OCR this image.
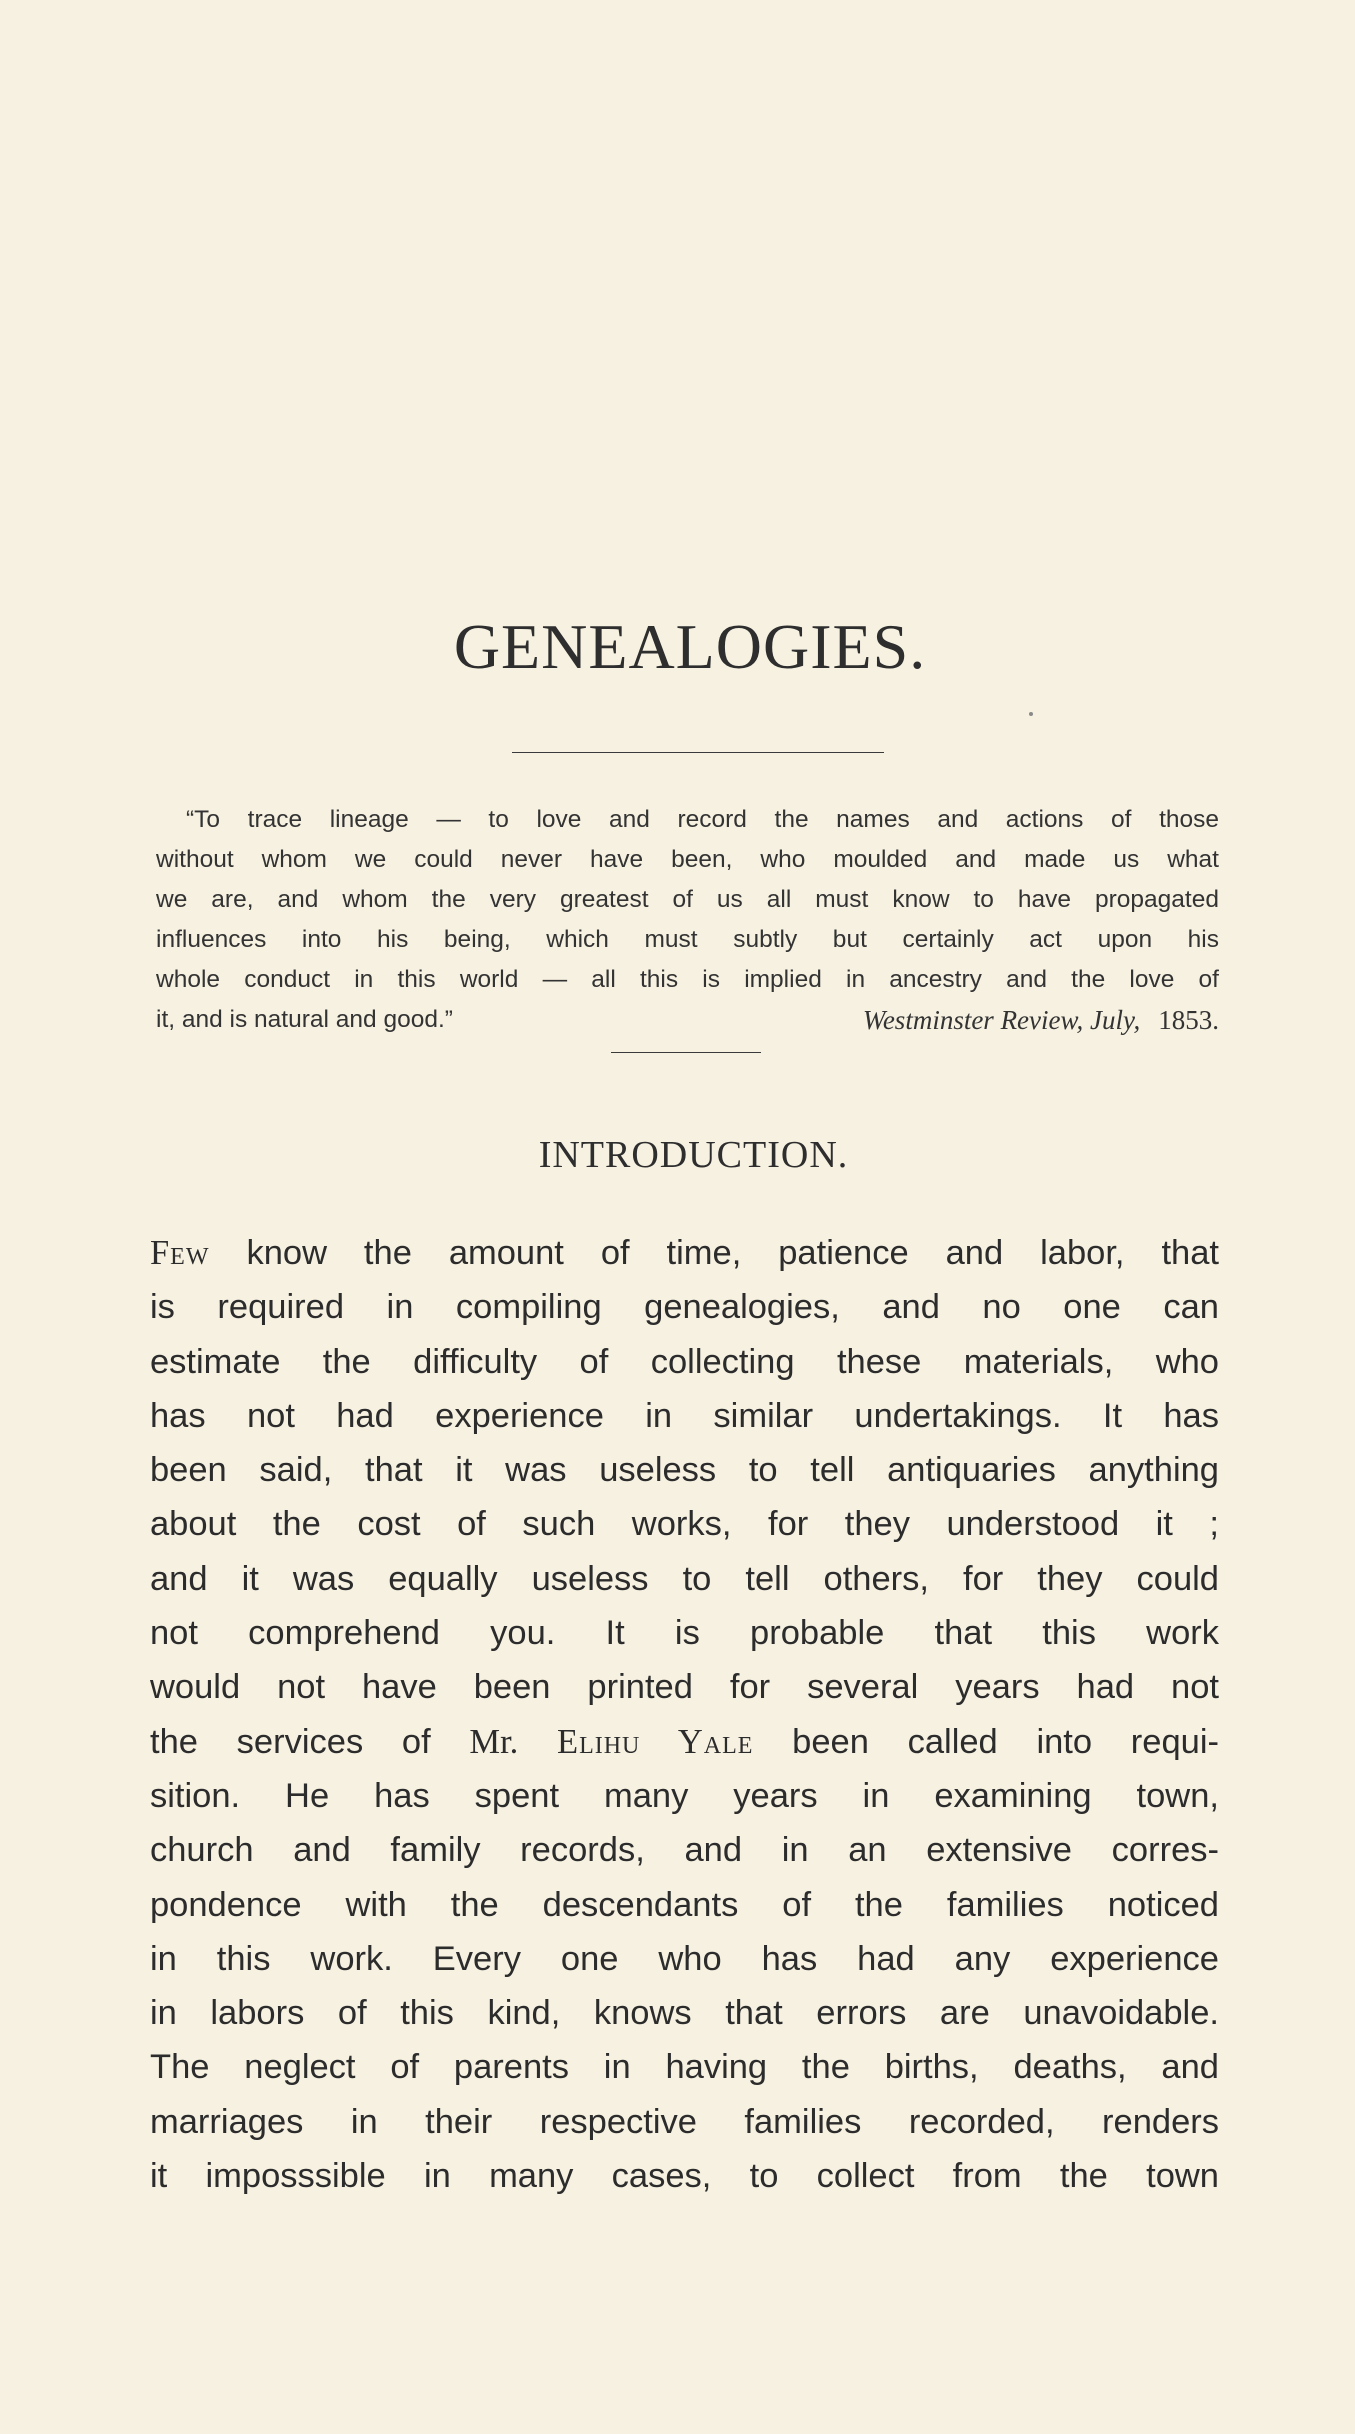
GENEALOGIES.
“To trace lineage — to love and record the names and actions of those
without whom we could never have been, who moulded and made us what
we are, and whom the very greatest of us all must know to have propagated
influences into his being, which must subtly but certainly act upon his
whole conduct in this world — all this is implied in ancestry and the love of
it, and is natural and good.”	Westminster Review, July, 1853.
INTRODUCTION.
Few know the amount of time, patience and labor, that
is required in compiling genealogies, and no one can
estimate the difficulty of collecting these materials, who
has not had experience in similar undertakings. It has
been said, that it was useless to tell antiquaries anything
about the cost of such works, for they understood it ;
and it was equally useless to tell others, for they could
not comprehend you. It is probable that this work
would not have been printed for several years had not
the services of Mr. Elihu Yale been called into requi-
sition. He has spent many years in examining town,
church and family records, and in an extensive corres-
pondence with the descendants of the families noticed
in this work. Every one who has had any experience
in labors of this kind, knows that errors are unavoidable.
The neglect of parents in having the births, deaths, and
marriages in their respective families recorded, renders
it imposssible in many cases, to collect from the town
